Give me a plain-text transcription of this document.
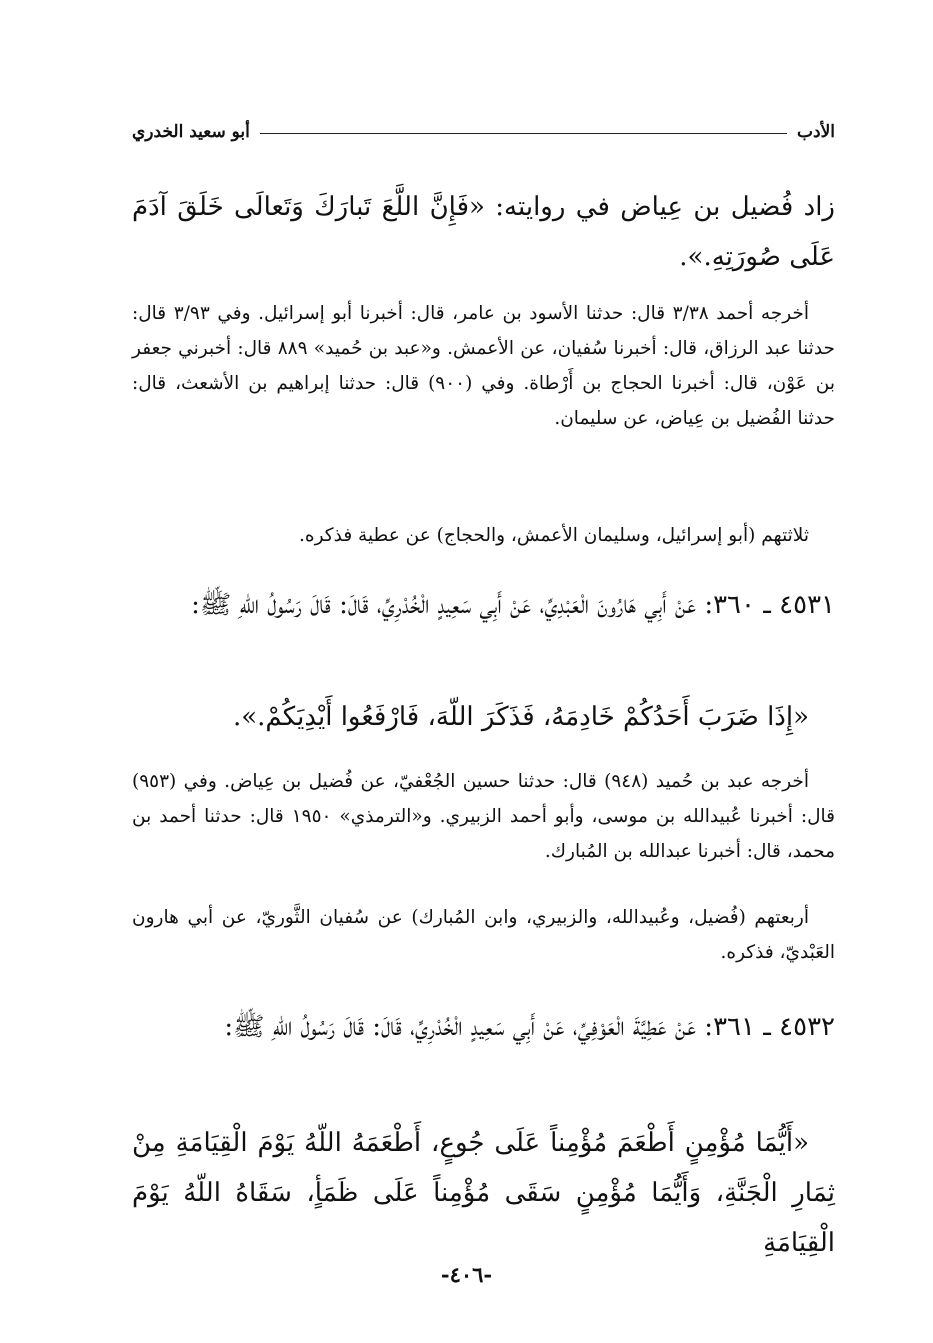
الأدب
أبو سعيد الخدري
زاد فُضيل بن عِياض في روايته: «فَإِنَّ اللَّعَ تَبارَكَ وَتَعالَى خَلَقَ آدَمَ عَلَى صُورَتِهِ.».
أخرجه أحمد ٣/٣٨ قال: حدثنا الأسود بن عامر، قال: أخبرنا أبو إسرائيل. وفي ٣/٩٣ قال: حدثنا عبد الرزاق، قال: أخبرنا سُفيان، عن الأعمش. و«عبد بن حُميد» ٨٨٩ قال: أخبرني جعفر بن عَوْن، قال: أخبرنا الحجاج بن أَرْطاة. وفي (٩٠٠) قال: حدثنا إبراهيم بن الأشعث، قال: حدثنا الفُضيل بن عِياض، عن سليمان.
ثلاثتهم (أبو إسرائيل، وسليمان الأعمش، والحجاج) عن عطية فذكره.
٤٥٣١ ـ ٣٦٠: عَنْ أَبِي هَارُونَ الْعَبْدِيِّ، عَنْ أَبِي سَعِيدٍ الْخُدْرِيِّ، قَالَ: قَالَ رَسُولُ اللّهِ ﷺ:
«إِذَا ضَرَبَ أَحَدُكُمْ خَادِمَهُ، فَذَكَرَ اللّهَ، فَارْفَعُوا أَيْدِيَكُمْ.».
أخرجه عبد بن حُميد (٩٤٨) قال: حدثنا حسين الجُعْفيّ، عن فُضيل بن عِياض. وفي (٩٥٣) قال: أخبرنا عُبيدالله بن موسى، وأبو أحمد الزبيري. و«الترمذي» ١٩٥٠ قال: حدثنا أحمد بن محمد، قال: أخبرنا عبدالله بن المُبارك.
أربعتهم (فُضيل، وعُبيدالله، والزبيري، وابن المُبارك) عن سُفيان الثَّوريّ، عن أبي هارون العَبْديّ، فذكره.
٤٥٣٢ ـ ٣٦١: عَنْ عَطِيَّةَ الْعَوْفِيِّ، عَنْ أَبِي سَعِيدٍ الْخُدْرِيِّ، قَالَ: قَالَ رَسُولُ اللّهِ ﷺ:
«أَيُّمَا مُؤْمِنٍ أَطْعَمَ مُؤْمِناً عَلَى جُوعٍ، أَطْعَمَهُ اللّهُ يَوْمَ الْقِيَامَةِ مِنْ ثِمَارِ الْجَنَّةِ، وَأَيُّمَا مُؤْمِنٍ سَقَى مُؤْمِناً عَلَى ظَمَأٍ، سَقَاهُ اللّهُ يَوْمَ الْقِيَامَةِ
-٤٠٦-
